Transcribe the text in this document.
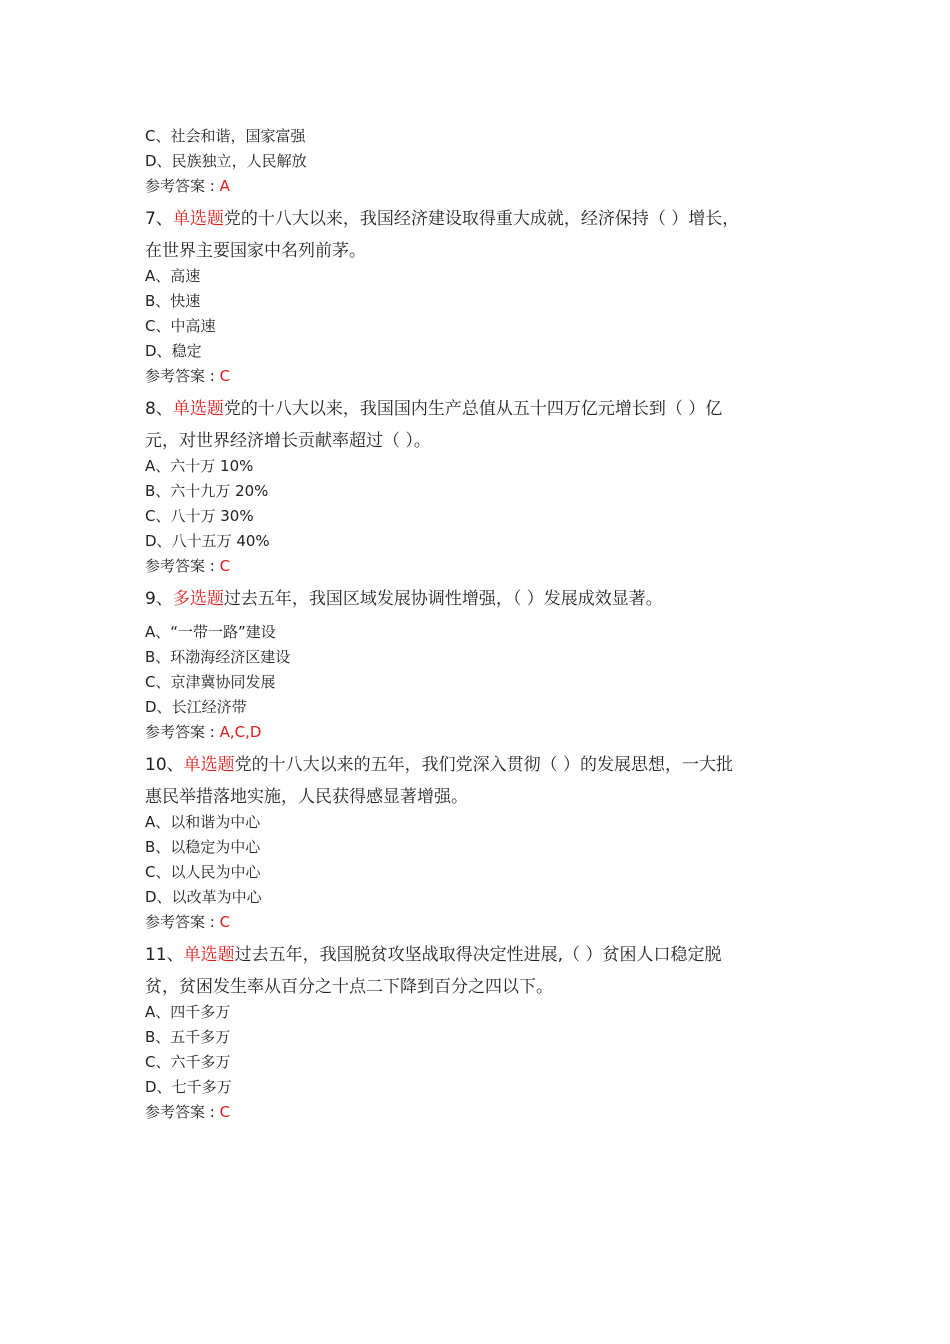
C、社会和谐，国家富强
D、民族独立，人民解放
参考答案 : A
7、单选题党的十八大以来，我国经济建设取得重大成就，经济保持（ ）增长，
在世界主要国家中名列前茅。
A、高速
B、快速
C、中高速
D、稳定
参考答案 : C
8、单选题党的十八大以来，我国国内生产总值从五十四万亿元增长到（ ）亿
元，对世界经济增长贡献率超过（ ）。
A、六十万 10%
B、六十九万 20%
C、八十万 30%
D、八十五万 40%
参考答案 : C
9、多选题过去五年，我国区域发展协调性增强，（ ）发展成效显著。
A、“一带一路”建设
B、环渤海经济区建设
C、京津冀协同发展
D、长江经济带
参考答案 : A,C,D
10、单选题党的十八大以来的五年，我们党深入贯彻（ ）的发展思想，一大批
惠民举措落地实施，人民获得感显著增强。
A、以和谐为中心
B、以稳定为中心
C、以人民为中心
D、以改革为中心
参考答案 : C
11、单选题过去五年，我国脱贫攻坚战取得决定性进展,（ ）贫困人口稳定脱
贫，贫困发生率从百分之十点二下降到百分之四以下。
A、四千多万
B、五千多万
C、六千多万
D、七千多万
参考答案 : C
